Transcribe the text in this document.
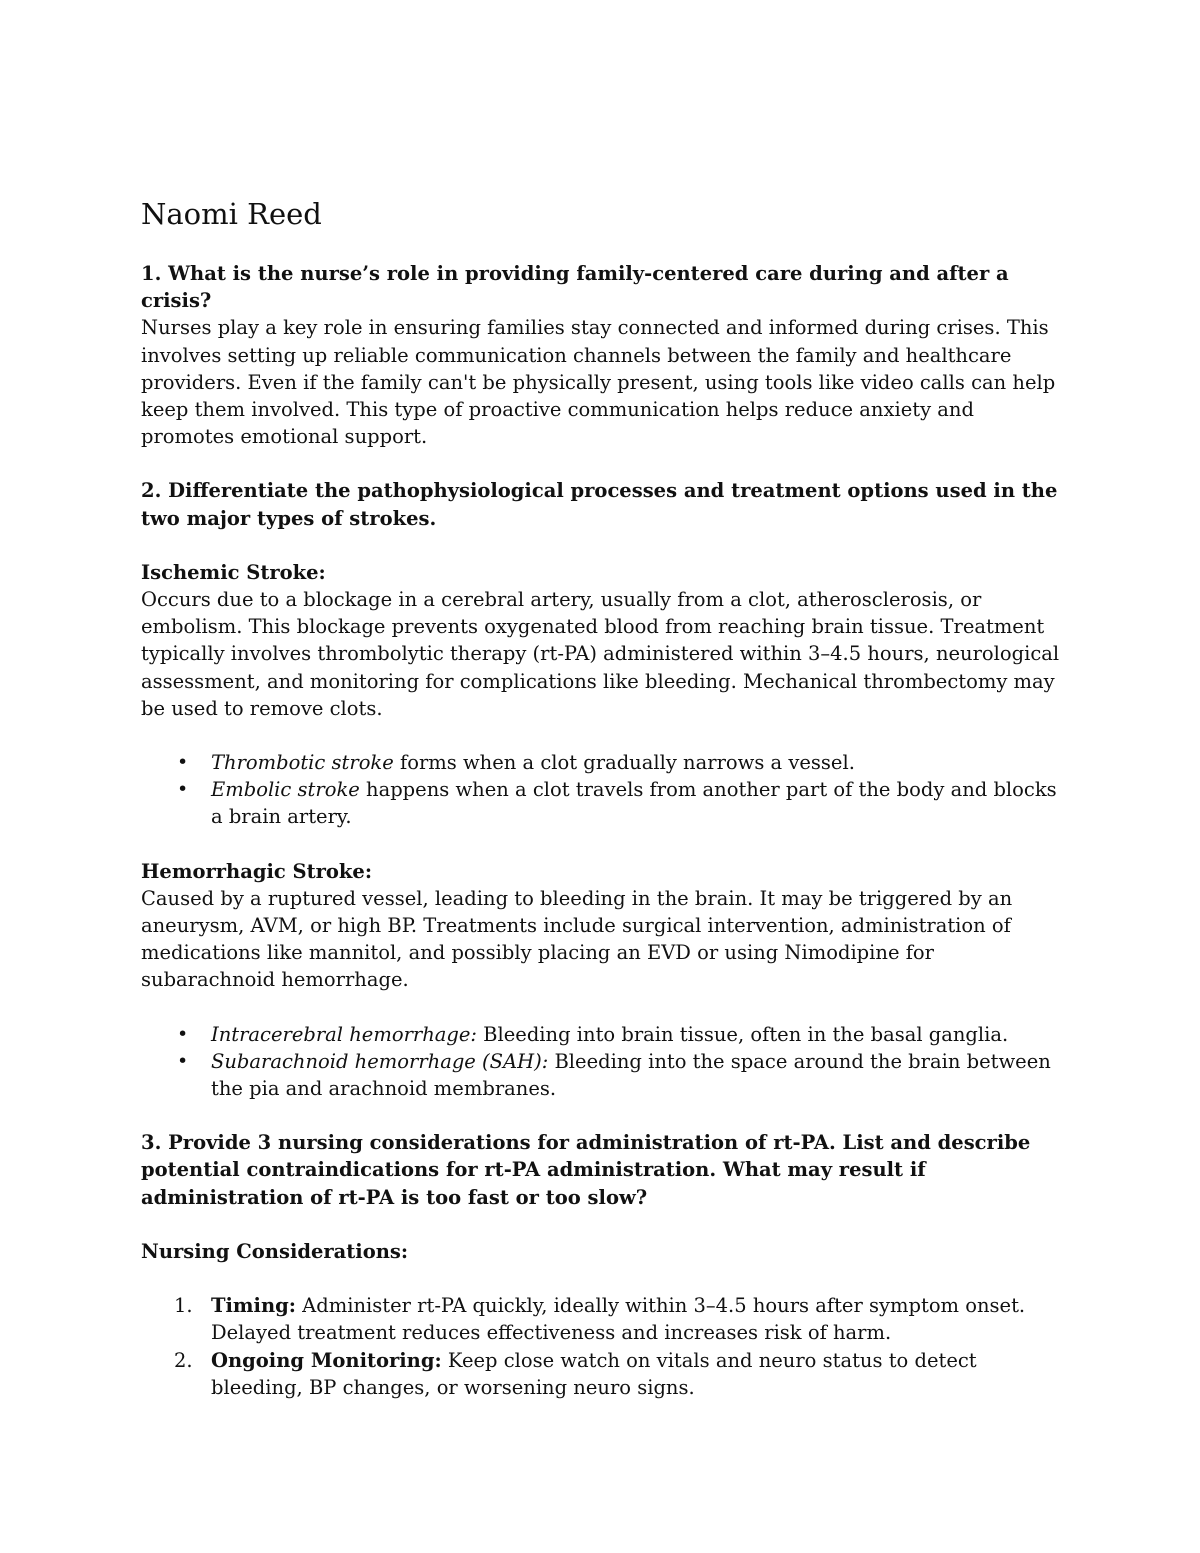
Naomi Reed

1. What is the nurse’s role in providing family-centered care during and after a crisis?

Nurses play a key role in ensuring families stay connected and informed during crises. This involves setting up reliable communication channels between the family and healthcare providers. Even if the family can't be physically present, using tools like video calls can help keep them involved. This type of proactive communication helps reduce anxiety and promotes emotional support.

2. Differentiate the pathophysiological processes and treatment options used in the two major types of strokes.

Ischemic Stroke:

Occurs due to a blockage in a cerebral artery, usually from a clot, atherosclerosis, or embolism. This blockage prevents oxygenated blood from reaching brain tissue. Treatment typically involves thrombolytic therapy (rt-PA) administered within 3–4.5 hours, neurological assessment, and monitoring for complications like bleeding. Mechanical thrombectomy may be used to remove clots.

•	Thrombotic stroke forms when a clot gradually narrows a vessel.
•	Embolic stroke happens when a clot travels from another part of the body and blocks a brain artery.

Hemorrhagic Stroke:

Caused by a ruptured vessel, leading to bleeding in the brain. It may be triggered by an aneurysm, AVM, or high BP. Treatments include surgical intervention, administration of medications like mannitol, and possibly placing an EVD or using Nimodipine for subarachnoid hemorrhage.

•	Intracerebral hemorrhage: Bleeding into brain tissue, often in the basal ganglia.
•	Subarachnoid hemorrhage (SAH): Bleeding into the space around the brain between the pia and arachnoid membranes.

3. Provide 3 nursing considerations for administration of rt-PA. List and describe potential contraindications for rt-PA administration. What may result if administration of rt-PA is too fast or too slow?

Nursing Considerations:

1. Timing: Administer rt-PA quickly, ideally within 3–4.5 hours after symptom onset. Delayed treatment reduces effectiveness and increases risk of harm.
2. Ongoing Monitoring: Keep close watch on vitals and neuro status to detect bleeding, BP changes, or worsening neuro signs.
